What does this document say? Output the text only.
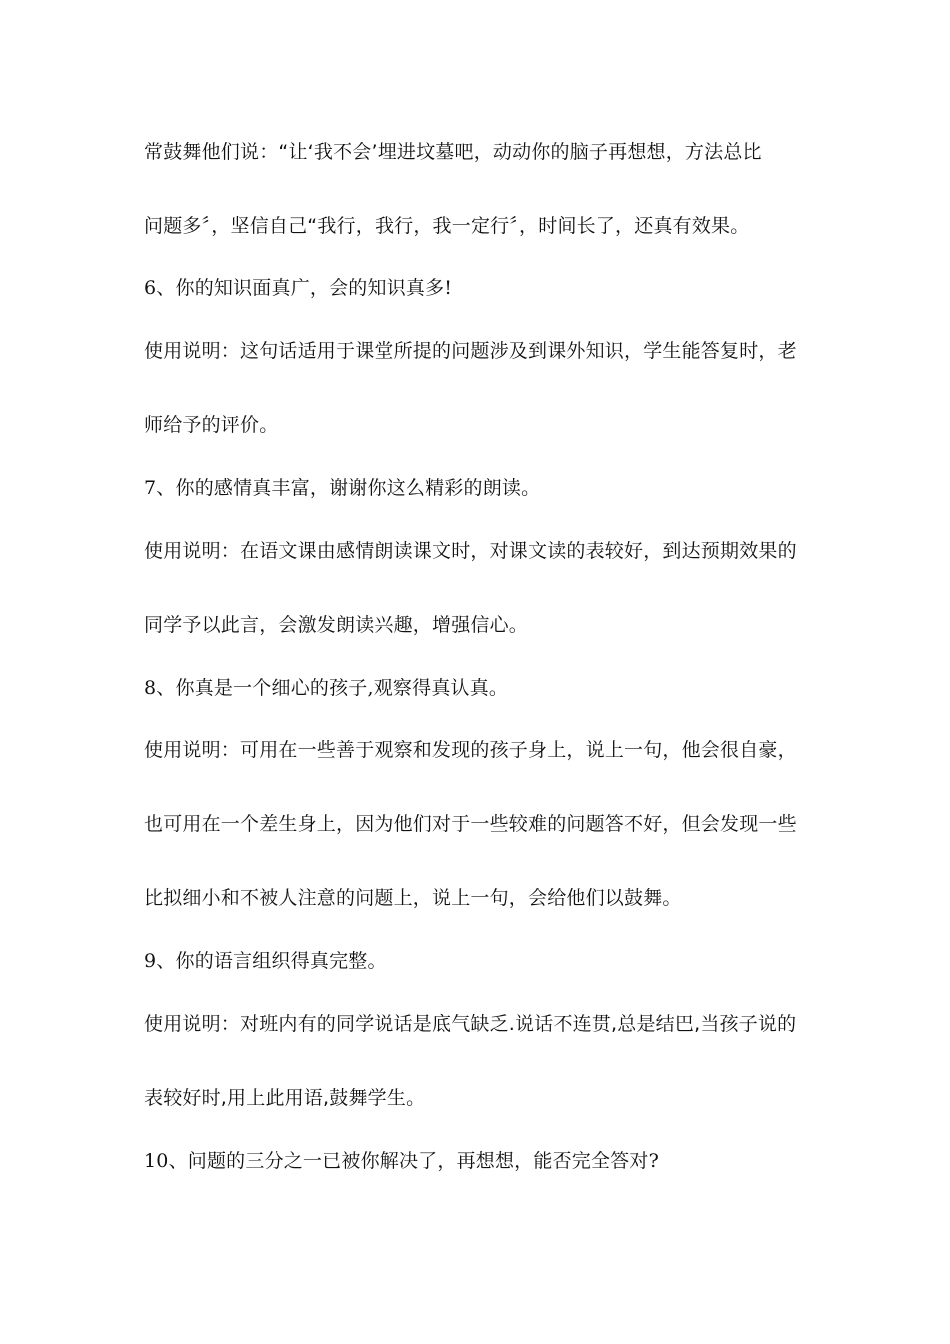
常鼓舞他们说：“让‘我不会’埋进坟墓吧，动动你的脑子再想想，方法总比
问题多〞，坚信自己“我行，我行，我一定行〞，时间长了，还真有效果。
6、你的知识面真广，会的知识真多!
使用说明：这句话适用于课堂所提的问题涉及到课外知识，学生能答复时，老
师给予的评价。
7、你的感情真丰富，谢谢你这么精彩的朗读。
使用说明：在语文课由感情朗读课文时，对课文读的表较好，到达预期效果的
同学予以此言，会激发朗读兴趣，增强信心。
8、你真是一个细心的孩子,观察得真认真。
使用说明：可用在一些善于观察和发现的孩子身上，说上一句，他会很自豪，
也可用在一个差生身上，因为他们对于一些较难的问题答不好，但会发现一些
比拟细小和不被人注意的问题上，说上一句，会给他们以鼓舞。
9、你的语言组织得真完整。
使用说明：对班内有的同学说话是底气缺乏.说话不连贯,总是结巴,当孩子说的
表较好时,用上此用语,鼓舞学生。
10、问题的三分之一已被你解决了，再想想，能否完全答对?
